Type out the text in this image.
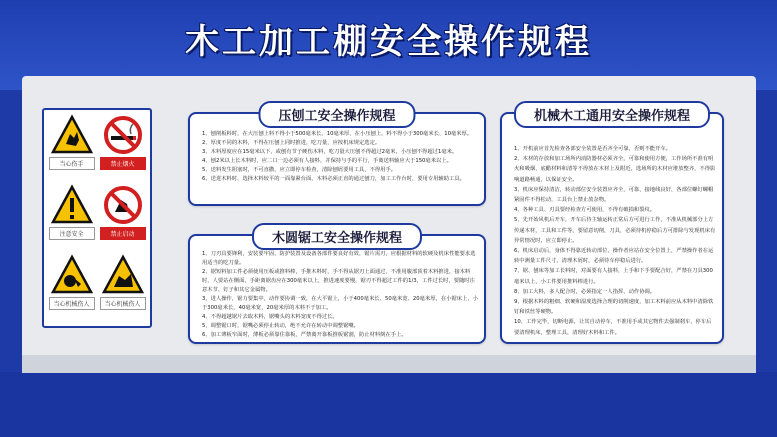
木工加工棚安全操作规程
当心伤手	禁止烟火
注意安全	禁止启动
当心机械伤人	当心机械伤人
压刨工安全操作规程
1、刨削板料时，在大压刨上料不得小于500毫米长、10毫米厚，在小压刨上，料不得小于300毫米长、10毫米厚。
2、厚度不同的木料，不得在压刨上同时推进，吃刀量，应按机床规定选定。
3、木料厚度应在15毫米以下，或刨有节子硬伤木料，吃刀量大压刨不得超过2毫米，小压刨不得超过1毫米。
4、刨2米以上长木料时，应二口一边必须有人接料，并保持与手的平行，手离送料轴应大于150毫米以上。
5、送料发生阻塞时，不可直撒，应立即停车检查，清除刨屑要用工具，不得用手。
6、送进木料时，选择木料较平的一面靠紧台面，木料必须正直的通过刨刀，加工工作台时，要用专用辅助工具。
木圆锯工安全操作规程
1、刀刃具要锋利，安装要牢固，防护装置及设备各部件要良好有效，锯片需刃，应根据材料的软硬及机床性能要求选用适当的吃刀量。
2、锯短料加工件必须使用压板或推料棒，手推木料时，手不得从锯刃上面通过，不准用腹部顶着木料推进，接木料时，人要站在侧面，手距离锯齿应在300毫米以上，推进速度要慢，锯刃不得超过工件的1/3，工件过长时，要随时注意木节、钉子和其它金属物。
3、进人操作，锯力要集中，动作要协调一致，在大平锯上，小于400毫米长、50毫米宽、20毫米厚，在小锯床上，小于300毫米长，40毫米宽，20毫米厚的木料不于加工。
4、不得超越锯片去取木料，锯嘴头的木料宽度不得过长。
5、调整锯口时，锯嘴必须停止转动，绝不允许在转动中调整锯嘴。
6、加工薄板窄面时，薄板必须靠住靠板，严禁离开靠板推板锯割，防止材料倒在手上。
机械木工通用安全操作规程
1、开机前应首先检查各部安全装置是否齐全可靠，否则不能开车。
2、木材的存放和加工场所内消防器材必须齐全，可靠和使用方便，工作场所不准有明火和吸烟，底醋材料和清等不得放在木材上及附近，选场所的木材应堆放整齐，不得影响道路畅通，以保证安全。
3、机床应保持清洁，转动部位安全装置应齐全，可靠，接地线良好，各部位螺钉螺帽紧固件不得松动，工具台上禁止放杂物。
4、各种工具、刃具要经检查方可使用，不得有破损和裂纹。
5、先开始风机后开车，开车后待主轴运转正常后方可进行工作，不准从机械部分上方传递木材，工具和工件等，要留意切削，刀具，必须待机停稳后方可排除与发现机床有异常情况时，应立即停止。
6、机床启动后，身体不得靠近转动部位，操作者应站在安全位置上，严禁操作者在运转中测量工件尺寸，清理木屑时，必须待车停稳后进行。
7、锯、刨床等加工长料时，对面要有人接料，上手和下手要配合好，严禁在刀具300毫米以上，小工件要用推料棒进行。
8、加工大料，多人配合时，必须指定一人指挥，动作协调。
9、根据木料的粗细、软硬和湿度选择合理的切削速度，加工木料前应从木料中清除铁钉和铁丝等硬物。
10、工作完毕，切断电源，让其自动停车，不准用手或其它物件去强制刹车，停车后要清理机床，整理工具，清理好木料和工件。
